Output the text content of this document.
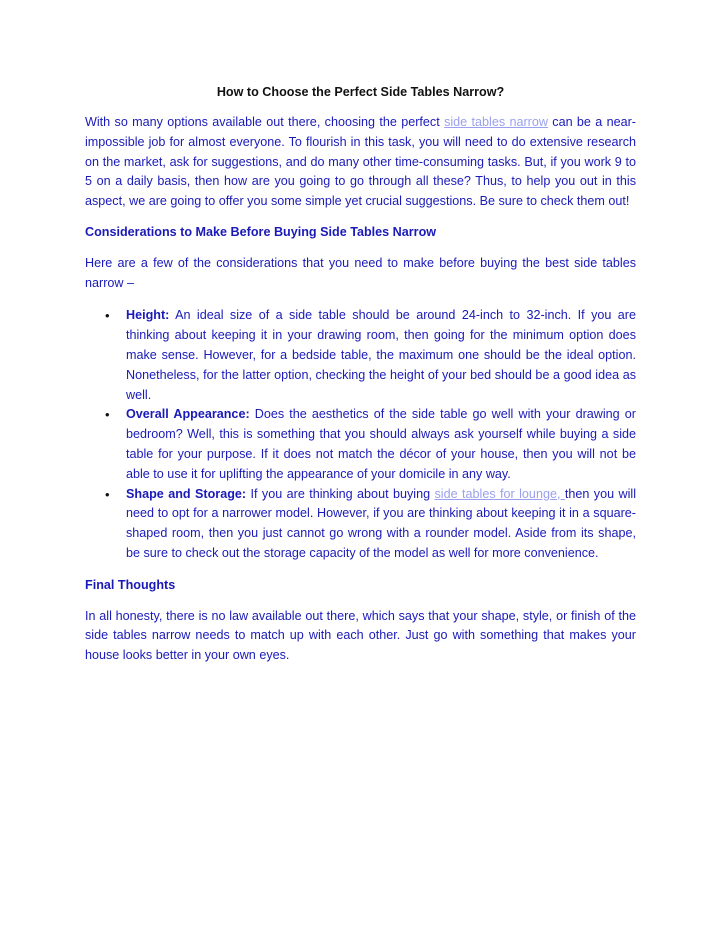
How to Choose the Perfect Side Tables Narrow?

With so many options available out there, choosing the perfect side tables narrow can be a near-impossible job for almost everyone. To flourish in this task, you will need to do extensive research on the market, ask for suggestions, and do many other time-consuming tasks. But, if you work 9 to 5 on a daily basis, then how are you going to go through all these? Thus, to help you out in this aspect, we are going to offer you some simple yet crucial suggestions. Be sure to check them out!

Considerations to Make Before Buying Side Tables Narrow

Here are a few of the considerations that you need to make before buying the best side tables narrow –

• Height: An ideal size of a side table should be around 24-inch to 32-inch. If you are thinking about keeping it in your drawing room, then going for the minimum option does make sense. However, for a bedside table, the maximum one should be the ideal option. Nonetheless, for the latter option, checking the height of your bed should be a good idea as well.
• Overall Appearance: Does the aesthetics of the side table go well with your drawing or bedroom? Well, this is something that you should always ask yourself while buying a side table for your purpose. If it does not match the décor of your house, then you will not be able to use it for uplifting the appearance of your domicile in any way.
• Shape and Storage: If you are thinking about buying side tables for lounge, then you will need to opt for a narrower model. However, if you are thinking about keeping it in a square-shaped room, then you just cannot go wrong with a rounder model. Aside from its shape, be sure to check out the storage capacity of the model as well for more convenience.

Final Thoughts

In all honesty, there is no law available out there, which says that your shape, style, or finish of the side tables narrow needs to match up with each other. Just go with something that makes your house looks better in your own eyes.
